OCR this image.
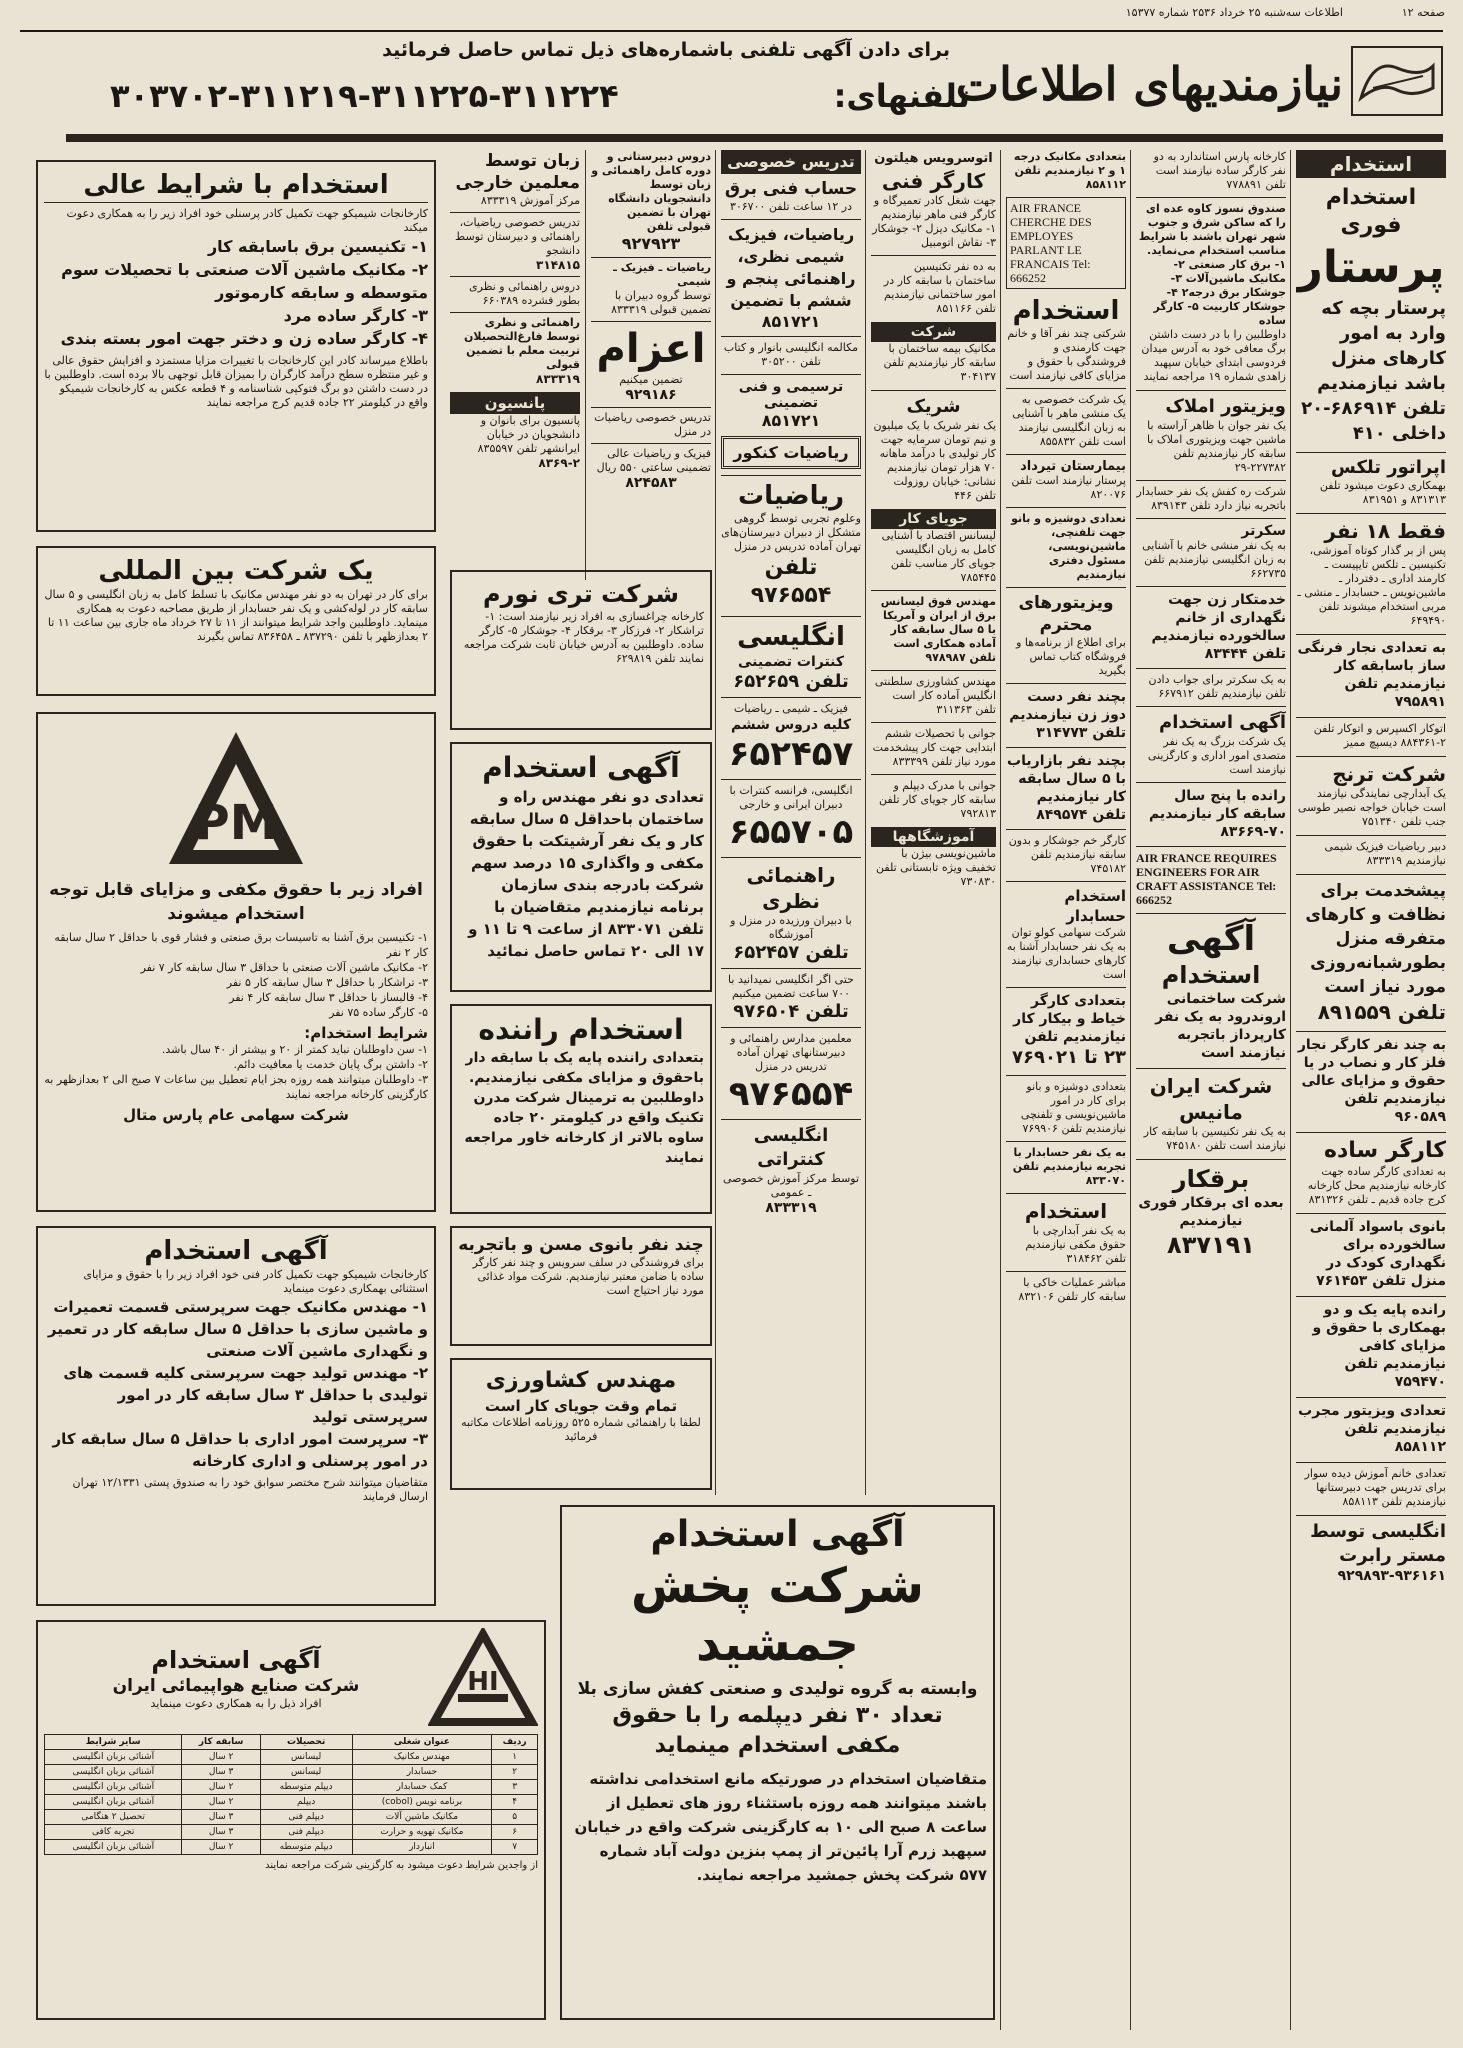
صفحه ۱۲
اطلاعات سه‌شنبه ۲۵ خرداد ۲۵۳۶ شماره ۱۵۳۷۷
نیازمندیهای اطلاعات
برای دادن آگهی تلفنی باشماره‌های ذیل تماس حاصل فرمائید
تلفنهای:
۳۰۳۷۰۲-۳۱۱۲۱۹-۳۱۱۲۲۵-۳۱۱۲۲۴
استخدام
استخدام فوری
پرستار
پرستار بچه که وارد به امور کار‌های منزل باشد نیازمندیم تلفن ۶۸۶۹۱۴-۲۰ داخلی ۴۱۰
اپراتور تلکس
بهمکاری دعوت میشود تلفن ۸۳۱۳۱۳ و ۸۳۱۹۵۱
فقط ۱۸ نفر
پس از بر گذار کوتاه آموزشی، تکنیسین ـ تلکس تایپیست ـ کارمند اداری ـ دفتردار ـ ماشین‌نویس ـ حسابدار ـ منشی ـ مربی استخدام میشوند تلفن ۶۴۹۴۹۰
به تعدادی نجار فرنگی ساز باسابقه کار نیازمندیم تلفن ۷۹۵۸۹۱
اتوکار اکسپرس و اتوکار تلفن ۲-۸۸۴۳۶۱ دیسپچ ممیز
شرکت ترنج
یک آبدارچی نمایندگی نیازمند است خیابان خواجه نصیر طوسی جنب تلفن ۷۵۱۳۴۰
دبیر ریاضیات فیزیک شیمی نیازمندیم ۸۳۳۳۱۹
پیشخدمت برای نظافت و کارهای متفرقه منزل بطورشبانه‌روزی مورد نیاز است
تلفن ۸۹۱۵۵۹
به چند نفر کارگر نجار فلز کار و نصاب در یا حقوق و مزایای عالی نیازمندیم تلفن ۹۶۰۵۸۹
کارگر ساده
به تعدادی کارگر ساده جهت کارخانه نیازمندیم محل کارخانه کرج جاده قدیم ـ تلفن ۸۳۱۳۲۶
بانوی باسواد آلمانی سالخورده برای نگهداری کودک در منزل تلفن ۷۶۱۴۵۳
رانده پایه یک و دو بهمکاری با حقوق و مزایای کافی نیازمندیم تلفن ۷۵۹۴۷۰
تعدادی ویزیتور مجرب نیازمندیم تلفن ۸۵۸۱۱۲
تعدادی خانم آموزش دیده سوار برای تدریس جهت دبیرستانها نیازمندیم تلفن ۸۵۸۱۱۳
انگلیسی توسط مستر رابرت
۹۲۹۸۹۳-۹۳۶۱۶۱
کارخانه پارس استاندارد به دو نفر کارگر ساده نیازمند است تلفن ۷۷۸۸۹۱
صندوق نسوز کاوه عده ای را که ساکن شرق و جنوب شهر تهران باشند با شرایط مناسب استخدام می‌نماید.
۱- برق کار صنعتی ۲- مکانیک ماشین‌آلات ۳- جوشکار برق درجه۲ ۴- جوشکار کاربیت ۵- کارگر ساده
داوطلبین را با در دست داشتن برگ معافی خود به آدرس میدان فردوسی ابتدای خیابان سپهبد زاهدی شماره ۱۹ مراجعه نمایند
ویزیتور املاک
یک نفر جوان با ظاهر آراسته با ماشین جهت ویزیتوری املاک با سابقه کار نیازمندیم تلفن ۲۲۷۳۸۲-۲۹
شرکت ره کفش یک نفر حسابدار باتجربه نیاز دارد تلفن ۸۳۹۱۴۳
سکرتر
به یک نفر منشی خانم با آشنایی به زبان انگلیسی نیازمندیم تلفن ۶۶۲۷۳۵
خدمتکار زن جهت نگهداری از خانم سالخورده نیازمندیم تلفن ۸۳۴۴۴
به یک سکرتر برای جواب دادن تلفن نیازمندیم تلفن ۶۶۷۹۱۲
آگهی استخدام
یک شرکت بزرگ به یک نفر متصدی امور اداری و کارگزینی نیازمند است
رانده با پنج سال سابقه کار نیازمندیم ۷۰-۸۳۶۶۹
AIR FRANCE REQUIRES ENGINEERS FOR AIR CRAFT ASSISTANCE Tel: 666252
آگهی
استخدام
شرکت ساختمانی اروندرود به یک نفر کارپرداز باتجربه نیازمند است
شرکت ایران مانیس
به یک نفر تکنیسین با سابقه کار نیازمند است تلفن ۷۴۵۱۸۰
برقکار
بعده ای برقکار فوری نیازمندیم
۸۳۷۱۹۱
بتعدادی مکانیک درجه ۱ و ۲ نیازمندیم تلفن ۸۵۸۱۱۲
AIR FRANCE CHERCHE DES EMPLOYES PARLANT LE FRANCAIS Tel: 666252
استخدام
شرکتی چند نفر آقا و خانم جهت کارمندی و فروشندگی با حقوق و مزایای کافی نیازمند است
یک شرکت خصوصی به یک منشی ماهر با آشنایی به زبان انگلیسی نیازمند است تلفن ۸۵۵۸۳۲
بیمارستان تیرداد
پرستار نیازمند است تلفن ۸۲۰۰۷۶
تعدادی دوشیزه و بانو جهت تلفنچی، ماشین‌نویسی، مسئول دفتری نیازمندیم
ویزیتور‌های محترم
برای اطلاع از برنامه‌ها و فروشگاه کتاب تماس بگیرید
بچند نفر دست دوز زن نیازمندیم تلفن ۳۱۴۷۷۳
بچند نفر بازاریاب با ۵ سال سابقه کار نیازمندیم تلفن ۸۴۹۵۷۴
کارگر خم جوشکار و بدون سابقه نیازمندیم تلفن ۷۴۵۱۸۲
استخدام حسابدار
شرکت سهامی کولو توان به یک نفر حسابدار آشنا به کارهای حسابداری نیازمند است
بتعدادی کارگر خیاط و بیکار کار نیازمندیم تلفن
۲۳ تا ۷۶۹۰۲۱
بتعدادی دوشیزه و بانو برای کار در امور ماشین‌نویسی و تلفنچی نیازمندیم تلفن ۷۶۹۹۰۶
به یک نفر حسابدار با تجربه نیازمندیم تلفن ۸۳۳۰۷۰
استخدام
به یک نفر آبدارچی با حقوق مکفی نیازمندیم تلفن ۳۱۸۴۶۲
مباشر عملیات خاکی با سابقه کار تلفن ۸۳۲۱۰۶
اتوسرویس هیلتون
کارگر فنی
جهت شغل کادر تعمیرگاه و کارگر فنی ماهر نیازمندیم ۱- مکانیک دیزل ۲- جوشکار ۳- نقاش اتومبیل
به ده نفر تکنیسین ساختمان با سابقه کار در امور ساختمانی نیازمندیم تلفن ۸۵۱۱۶۶
شرکت
مکانیک بیمه ساختمان با سابقه کار نیازمندیم تلفن ۳۰۴۱۳۷
شریک
یک نفر شریک با یک میلیون و نیم تومان سرمایه جهت کار تولیدی با درآمد ماهانه ۷۰ هزار تومان نیازمندیم نشانی: خیابان روزولت تلفن ۴۴۶
جویای کار
لیسانس اقتصاد با آشنایی کامل به زبان انگلیسی جویای کار مناسب تلفن ۷۸۵۴۴۵
مهندس فوق لیسانس برق از ایران و آمریکا با ۵ سال سابقه کار آماده همکاری است تلفن ۹۷۸۹۸۷
مهندس کشاورزی سلطنتی انگلیس آماده کار است تلفن ۳۱۱۳۶۳
جوانی با تحصیلات ششم ابتدایی جهت کار پیشخدمت مورد نیاز تلفن ۸۳۳۳۹۹
جوانی با مدرک دیپلم و سابقه کار جویای کار تلفن ۷۹۲۸۱۳
آموزشگاهها
ماشین‌نویسی بیژن با تخفیف ویژه تابستانی تلفن ۷۳۰۸۳۰
تدریس خصوصی
حساب فنی برق
در ۱۲ ساعت تلفن ۳۰۶۷۰۰
ریاضیات، فیزیک شیمی نظری، راهنمائی پنجم و ششم با تضمین
۸۵۱۷۲۱
مکالمه انگلیسی بانوار و کتاب تلفن ۳۰۵۲۰۰
ترسیمی و فنی تضمینی
۸۵۱۷۲۱
ریاضیات کنکور
ریاضیات
وعلوم تجربی توسط گروهی متشکل از دبیران دبیرستان‌های تهران آماده تدریس در منزل
تلفن ۹۷۶۵۵۴
انگلیسی
کنترات تضمینی
تلفن ۶۵۲۶۵۹
فیزیک ـ شیمی ـ ریاضیات
کلیه دروس ششم
۶۵۲۴۵۷
انگلیسی، فرانسه کنترات با دبیران ایرانی و خارجی
۶۵۵۷۰۵
راهنمائی نظری
با دبیران ورزیده در منزل و آموزشگاه
تلفن ۶۵۲۴۵۷
حتی اگر انگلیسی نمیدانید با ۷۰۰ ساعت تضمین میکنیم
تلفن ۹۷۶۵۰۴
معلمین مدارس راهنمائی و دبیرستانهای تهران آماده تدریس در منزل
۹۷۶۵۵۴
انگلیسی کنتراتی
توسط مرکز آموزش خصوصی ـ عمومی
۸۳۳۳۱۹
دروس دبیرستانی و دوره کامل راهنمائی و زبان توسط دانشجویان دانشگاه تهران با تضمین قبولی تلفن
۹۲۷۹۲۳
ریاضیات ـ فیزیک ـ شیمی
توسط گروه دبیران با تضمین قبولی ۸۳۳۳۱۹
اعزام
تضمین میکنیم
۹۲۹۱۸۶
تدریس خصوصی ریاضیات در منزل
فیزیک و ریاضیات عالی تضمینی ساعتی ۵۵۰ ریال
۸۲۴۵۸۳
زبان توسط معلمین خارجی
مرکز آموزش ۸۳۳۳۱۹
تدریس خصوصی ریاضیات، راهنمائی و دبیرستان توسط دانشجو
۳۱۴۸۱۵
دروس راهنمائی و نظری بطور فشرده ۶۶۰۳۸۹
راهنمائی و نظری توسط فارغ‌التحصیلان تربیت معلم با تضمین قبولی
۸۳۳۳۱۹
پانسیون
پانسیون برای بانوان و دانشجویان در خیابان ایرانشهر تلفن ۸۳۵۵۹۷
۸۳۶۹-۲
استخدام با شرایط عالی
کارخانجات شیمیکو جهت تکمیل کادر پرسنلی خود افراد زیر را به همکاری دعوت میکند
۱- تکنیسین برق باسابقه کار
۲- مکانیک ماشین آلات صنعتی با تحصیلات سوم متوسطه و سابقه کارموتور
۳- کارگر ساده مرد
۴- کارگر ساده زن و دختر جهت امور بسته بندی
باطلاع میرساند کادر این کارخانجات با تغییرات مزایا مستمزد و افزایش حقوق عالی و غیر منتظره سطح درآمد کارگران را بمیزان قابل توجهی بالا برده است. داوطلبین با در دست داشتن دو برگ فتوکپی شناسنامه و ۴ قطعه عکس به کارخانجات شیمیکو واقع در کیلومتر ۲۲ جاده قدیم کرج مراجعه نمایند
یک شرکت بین المللی
برای کار در تهران به دو نفر مهندس مکانیک با تسلط کامل به زبان انگلیسی و ۵ سال سابقه کار در لوله‌کشی و یک نفر حسابدار از طریق مصاحبه دعوت به همکاری مینماید. داوطلبین واجد شرایط میتوانند از ۱۱ تا ۲۷ خرداد ماه جاری بین ساعت ۱۱ تا ۲ بعدازظهر با تلفن ۸۳۷۲۹۰ ـ ۸۳۶۴۵۸ تماس بگیرند
PM
افراد زیر با حقوق مکفی و مزایای قابل توجه استخدام میشوند
۱- تکنیسین برق آشنا به تاسیسات برق صنعتی و فشار قوی با حداقل ۲ سال سابقه کار ۲ نفر
۲- مکانیک ماشین آلات صنعتی با حداقل ۳ سال سابقه کار ۷ نفر
۳- تراشکار با حداقل ۳ سال سابقه کار ۵ نفر
۴- قالبساز با حداقل ۳ سال سابقه کار ۴ نفر
۵- کارگر ساده ۷۵ نفر
شرایط استخدام:
۱- سن داوطلبان نباید کمتر از ۲۰ و بیشتر از ۴۰ سال باشد.
۲- داشتن برگ پایان خدمت یا معافیت دائم.
۳- داوطلبان میتوانند همه روزه بجز ایام تعطیل بین ساعات ۷ صبح الی ۲ بعدازظهر به کارگزینی کارخانه مراجعه نمایند
شرکت سهامی عام پارس متال
آگهی استخدام
کارخانجات شیمیکو جهت تکمیل کادر فنی خود افراد زیر را با حقوق و مزایای استثنائی بهمکاری دعوت مینماید
۱- مهندس مکانیک جهت سرپرستی قسمت تعمیرات و ماشین سازی با حداقل ۵ سال سابقه کار در تعمیر و نگهداری ماشین آلات صنعتی
۲- مهندس تولید جهت سرپرستی کلیه قسمت های تولیدی با حداقل ۳ سال سابقه کار در امور سرپرستی تولید
۳- سرپرست امور اداری با حداقل ۵ سال سابقه کار در امور پرسنلی و اداری کارخانه
متقاضیان میتوانند شرح مختصر سوابق خود را به صندوق پستی ۱۲/۱۳۳۱ تهران ارسال فرمایند
آگهی استخدام
شرکت صنایع هواپیمائی ایران
افراد ذیل را به همکاری دعوت مینماید
HI
ردیف	عنوان شغلی	تحصیلات	سابقه کار	سایر شرایط
۱	مهندس مکانیک	لیسانس	۲ سال	آشنائی بزبان انگلیسی
۲	حسابدار	لیسانس	۳ سال	آشنائی بزبان انگلیسی
۳	کمک حسابدار	دیپلم متوسطه	۲ سال	آشنائی بزبان انگلیسی
۴	برنامه نویس (cobol)	دیپلم	۲ سال	آشنائی بزبان انگلیسی
۵	مکانیک ماشین آلات	دیپلم فنی	۳ سال	تحصیل ۲ هنگامی
۶	مکانیک تهویه و حرارت	دیپلم فنی	۳ سال	تجربه کافی
۷	انباردار	دیپلم متوسطه	۲ سال	آشنائی بزبان انگلیسی
از واجدین شرایط دعوت میشود به کارگزینی شرکت مراجعه نمایند
شرکت تری نورم
کارخانه چراغسازی به افراد زیر نیازمند است: ۱- تراشکار ۲- فرزکار ۳- برقکار ۴- جوشکار ۵- کارگر ساده. داوطلبین به آدرس خیابان ثابت شرکت مراجعه نمایند تلفن ۶۲۹۸۱۹
آگهی استخدام
تعدادی دو نفر مهندس راه و ساختمان باحداقل ۵ سال سابقه کار و یک نفر آرشیتکت با حقوق مکفی و واگذاری ۱۵ درصد سهم شرکت بادرجه بندی سازمان برنامه نیازمندیم متقاضیان با تلفن ۸۳۳۰۷۱ از ساعت ۹ تا ۱۱ و ۱۷ الی ۲۰ تماس حاصل نمائید
استخدام راننده
بتعدادی راننده پایه یک با سابقه دار باحقوق و مزایای مکفی نیازمندیم. داوطلبین به ترمینال شرکت مدرن تکنیک واقع در کیلومتر ۲۰ جاده ساوه بالاتر از کارخانه خاور مراجعه نمایند
چند نفر بانوی مسن و باتجربه
برای فروشندگی در سلف سرویس و چند نفر کارگر ساده با ضامن معتبر نیازمندیم. شرکت مواد غذائی مورد نیاز احتیاج است
مهندس کشاورزی
تمام وقت جویای کار است
لطفا با راهنمائی شماره ۵۲۵ روزنامه اطلاعات مکاتبه فرمائید
آگهی استخدام
شرکت پخش
جمشید
وابسته به گروه تولیدی و صنعتی کفش سازی بلا
تعداد ۳۰ نفر دیپلمه را با حقوق
مکفی استخدام مینماید
متقاضیان استخدام در صورتیکه مانع استخدامی نداشته باشند میتوانند همه روزه باستثناء روز های تعطیل از ساعت ۸ صبح الی ۱۰ به کارگزینی شرکت واقع در خیابان سپهبد زرم آرا پائین‌تر از پمپ بنزین دولت آباد شماره ۵۷۷ شرکت پخش جمشید مراجعه نمایند.
